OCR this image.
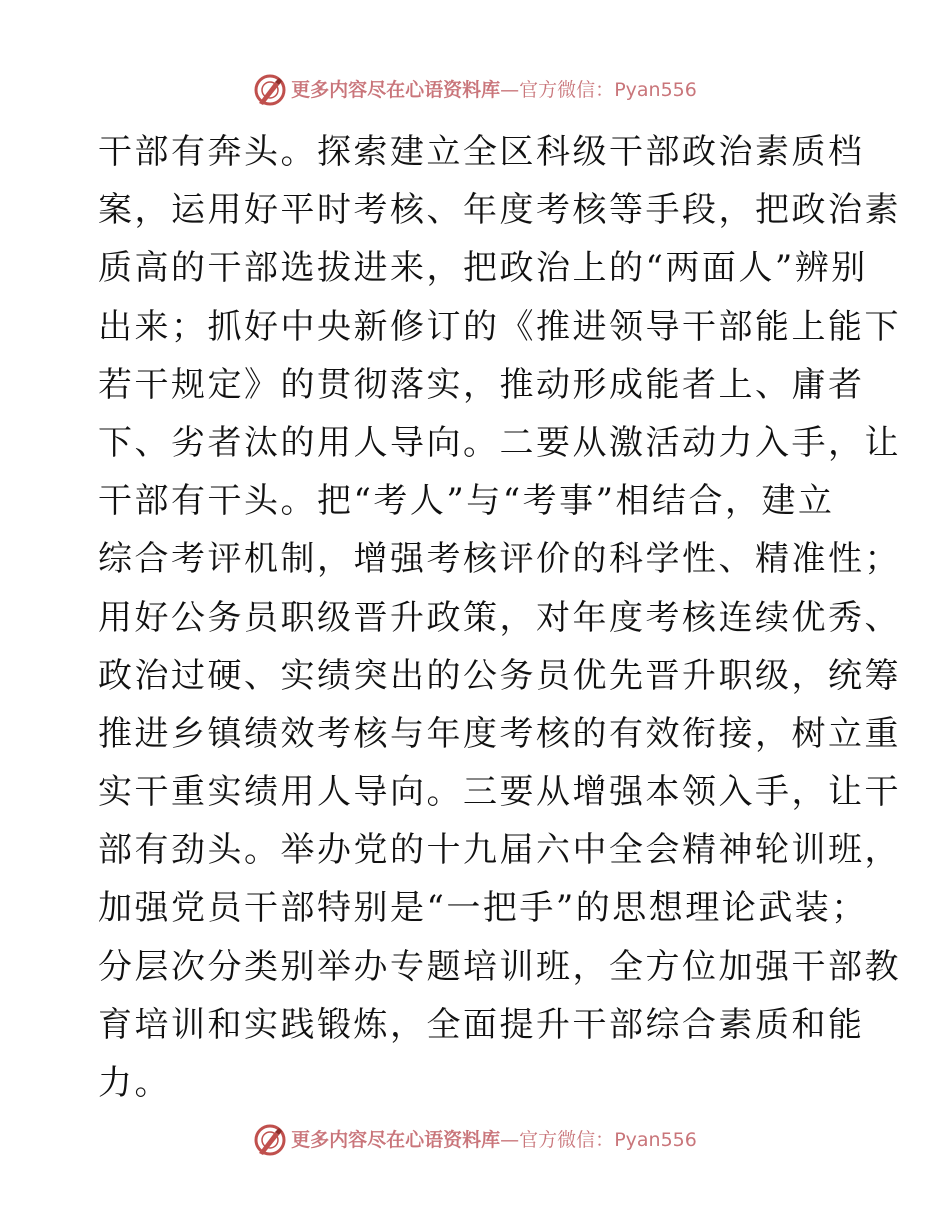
更多内容尽在心语资料库—官方微信：Pyan556
干部有奔头。探索建立全区科级干部政治素质档
案，运用好平时考核、年度考核等手段，把政治素
质高的干部选拔进来，把政治上的“两面人”辨别
出来；抓好中央新修订的《推进领导干部能上能下
若干规定》的贯彻落实，推动形成能者上、庸者
下、劣者汰的用人导向。二要从激活动力入手，让
干部有干头。把“考人”与“考事”相结合，建立
综合考评机制，增强考核评价的科学性、精准性；
用好公务员职级晋升政策，对年度考核连续优秀、
政治过硬、实绩突出的公务员优先晋升职级，统筹
推进乡镇绩效考核与年度考核的有效衔接，树立重
实干重实绩用人导向。三要从增强本领入手，让干
部有劲头。举办党的十九届六中全会精神轮训班，
加强党员干部特别是“一把手”的思想理论武装；
分层次分类别举办专题培训班，全方位加强干部教
育培训和实践锻炼，全面提升干部综合素质和能
力。
更多内容尽在心语资料库—官方微信：Pyan556
